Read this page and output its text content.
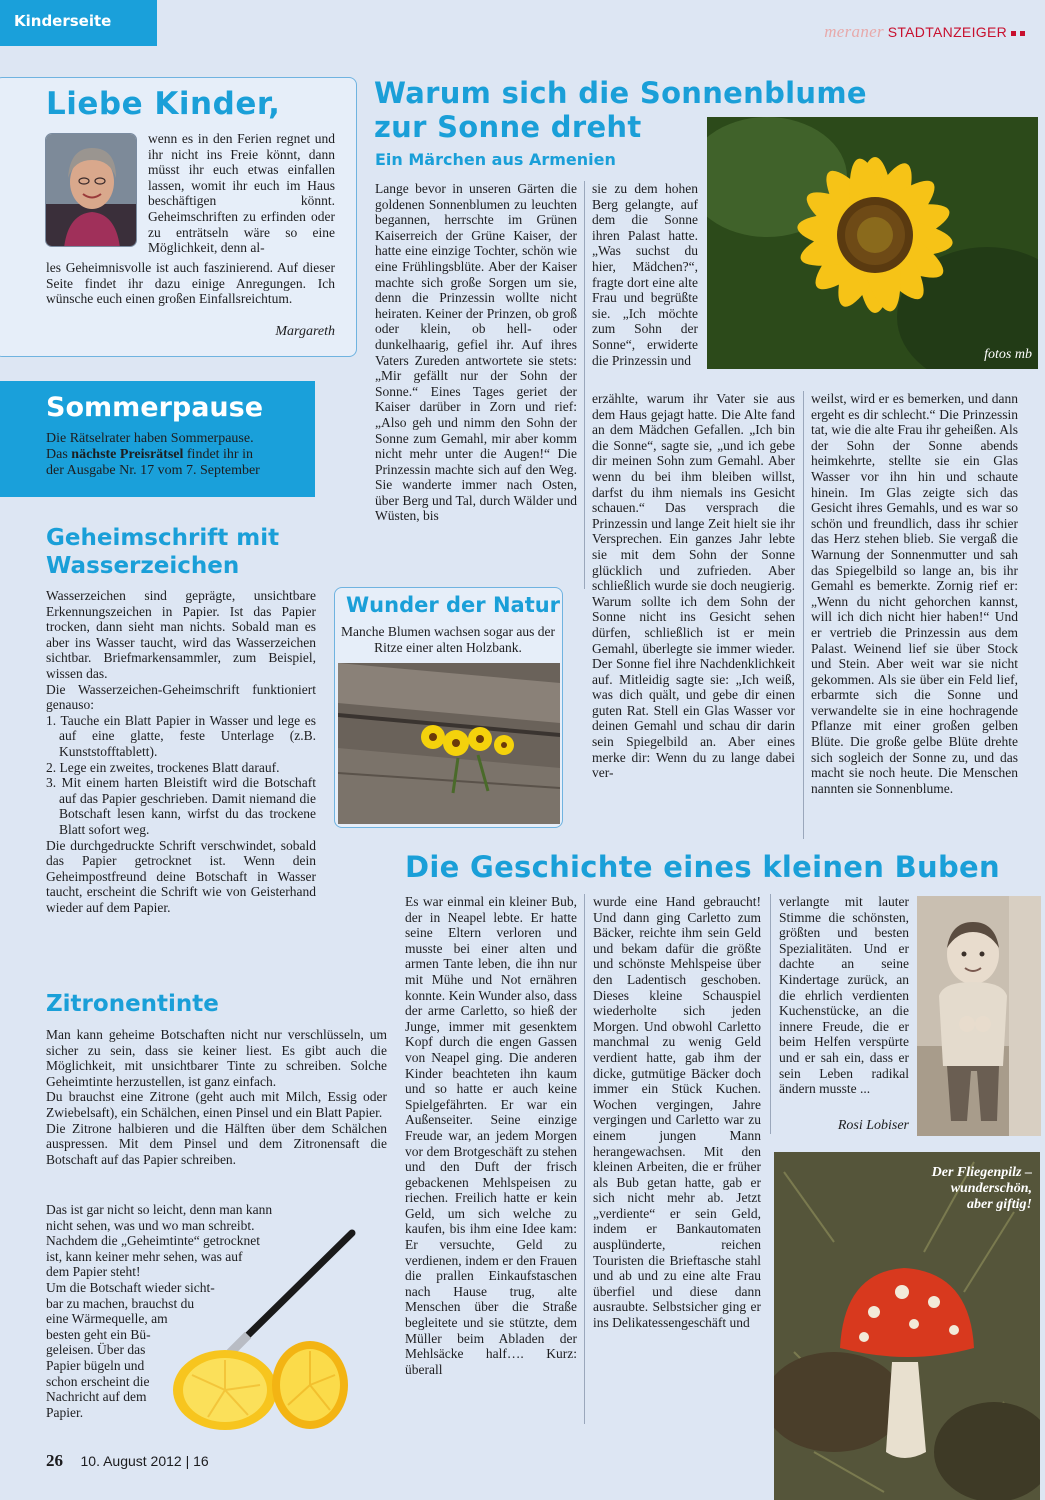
Kinderseite
meraner STADTANZEIGER
Liebe Kinder,
wenn es in den Ferien regnet und ihr nicht ins Freie könnt, dann müsst ihr euch etwas einfallen lassen, womit ihr euch im Haus beschäftigen könnt. Geheimschriften zu erfinden oder zu enträtseln wäre so eine Möglichkeit, denn al-
les Geheimnisvolle ist auch faszinierend. Auf dieser Seite findet ihr dazu einige Anregungen. Ich wünsche euch einen großen Einfallsreichtum.
Margareth
Sommerpause
Die Rätselrater haben Sommerpause.
Das nächste Preisrätsel findet ihr in
der Ausgabe Nr. 17 vom 7. September
Geheimschrift mit Wasserzeichen

Wasserzeichen sind geprägte, unsichtbare Erkennungszeichen in Papier. Ist das Papier trocken, dann sieht man nichts. Sobald man es aber ins Wasser taucht, wird das Wasserzeichen sichtbar. Briefmarkensammler, zum Beispiel, wissen das.

Die Wasserzeichen-Geheimschrift funktioniert genauso:

1. Tauche ein Blatt Papier in Wasser und lege es auf eine glatte, feste Unterlage (z.B. Kunststofftablett).

2. Lege ein zweites, trockenes Blatt darauf.

3. Mit einem harten Bleistift wird die Botschaft auf das Papier geschrieben. Damit niemand die Botschaft lesen kann, wirfst du das trockene Blatt sofort weg.

Die durchgedruckte Schrift verschwindet, sobald das Papier getrocknet ist. Wenn dein Geheimpostfreund deine Botschaft in Wasser taucht, erscheint die Schrift wie von Geisterhand wieder auf dem Papier.

Zitronentinte

Man kann geheime Botschaften nicht nur verschlüsseln, um sicher zu sein, dass sie keiner liest. Es gibt auch die Möglichkeit, mit unsichtbarer Tinte zu schreiben. Solche Geheimtinte herzustellen, ist ganz einfach.

Du brauchst eine Zitrone (geht auch mit Milch, Essig oder Zwiebelsaft), ein Schälchen, einen Pinsel und ein Blatt Papier.

Die Zitrone halbieren und die Hälften über dem Schälchen auspressen. Mit dem Pinsel und dem Zitronensaft die Botschaft auf das Papier schreiben.

Das ist gar nicht so leicht, denn man kann
nicht sehen, was und wo man schreibt.
Nachdem die „Geheimtinte“ getrocknet
ist, kann keiner mehr sehen, was auf
dem Papier steht!
Um die Botschaft wieder sicht-
bar zu machen, brauchst du
eine Wärmequelle, am
besten geht ein Bü-
geleisen. Über das
Papier bügeln und
schon erscheint die
Nachricht auf dem
Papier.
Warum sich die Sonnenblume
zur Sonne dreht
Ein Märchen aus Armenien
fotos mb
Lange bevor in unseren Gärten die goldenen Sonnenblumen zu leuchten begannen, herrschte im Grünen Kaiserreich der Grüne Kaiser, der hatte eine einzige Tochter, schön wie eine Frühlingsblüte. Aber der Kaiser machte sich große Sorgen um sie, denn die Prinzessin wollte nicht heiraten. Keiner der Prinzen, ob groß oder klein, ob hell- oder dunkelhaarig, gefiel ihr. Auf ihres Vaters Zureden antwortete sie stets: „Mir gefällt nur der Sohn der Sonne.“ Eines Tages geriet der Kaiser darüber in Zorn und rief: „Also geh und nimm den Sohn der Sonne zum Gemahl, mir aber komm nicht mehr unter die Augen!“ Die Prinzessin machte sich auf den Weg. Sie wanderte immer nach Osten, über Berg und Tal, durch Wälder und Wüsten, bis
sie zu dem hohen Berg gelangte, auf dem die Sonne ihren Palast hatte. „Was suchst du hier, Mädchen?“, fragte dort eine alte Frau und begrüßte sie. „Ich möchte zum Sohn der Sonne“, erwiderte die Prinzessin und
erzählte, warum ihr Vater sie aus dem Haus gejagt hatte. Die Alte fand an dem Mädchen Gefallen. „Ich bin die Sonne“, sagte sie, „und ich gebe dir meinen Sohn zum Gemahl. Aber wenn du bei ihm bleiben willst, darfst du ihm niemals ins Gesicht schauen.“ Das versprach die Prinzessin und lange Zeit hielt sie ihr Versprechen. Ein ganzes Jahr lebte sie mit dem Sohn der Sonne glücklich und zufrieden. Aber schließlich wurde sie doch neugierig. Warum sollte ich dem Sohn der Sonne nicht ins Gesicht sehen dürfen, schließlich ist er mein Gemahl, überlegte sie immer wieder. Der Sonne fiel ihre Nachdenklichkeit auf. Mitleidig sagte sie: „Ich weiß, was dich quält, und gebe dir einen guten Rat. Stell ein Glas Wasser vor deinen Gemahl und schau dir darin sein Spiegelbild an. Aber eines merke dir: Wenn du zu lange dabei ver-
weilst, wird er es bemerken, und dann ergeht es dir schlecht.“ Die Prinzessin tat, wie die alte Frau ihr geheißen. Als der Sohn der Sonne abends heimkehrte, stellte sie ein Glas Wasser vor ihn hin und schaute hinein. Im Glas zeigte sich das Gesicht ihres Gemahls, und es war so schön und freundlich, dass ihr schier das Herz stehen blieb. Sie vergaß die Warnung der Sonnenmutter und sah das Spiegelbild so lange an, bis ihr Gemahl es bemerkte. Zornig rief er: „Wenn du nicht gehorchen kannst, will ich dich nicht hier haben!“ Und er vertrieb die Prinzessin aus dem Palast. Weinend lief sie über Stock und Stein. Aber weit war sie nicht gekommen. Als sie über ein Feld lief, erbarmte sich die Sonne und verwandelte sie in eine hochragende Pflanze mit einer großen gelben Blüte. Die große gelbe Blüte drehte sich sogleich der Sonne zu, und das macht sie noch heute. Die Menschen nannten sie Sonnenblume.
Wunder der Natur
Manche Blumen wachsen sogar aus der Ritze einer alten Holzbank.
Die Geschichte eines kleinen Buben
Es war einmal ein kleiner Bub, der in Neapel lebte. Er hatte seine Eltern verloren und musste bei einer alten und armen Tante leben, die ihn nur mit Mühe und Not ernähren konnte. Kein Wunder also, dass der arme Carletto, so hieß der Junge, immer mit gesenktem Kopf durch die engen Gassen von Neapel ging. Die anderen Kinder beachteten ihn kaum und so hatte er auch keine Spielgefährten. Er war ein Außenseiter. Seine einzige Freude war, an jedem Morgen vor dem Brotgeschäft zu stehen und den Duft der frisch gebackenen Mehlspeisen zu riechen. Freilich hatte er kein Geld, um sich welche zu kaufen, bis ihm eine Idee kam: Er versuchte, Geld zu verdienen, indem er den Frauen die prallen Einkaufstaschen nach Hause trug, alte Menschen über die Straße begleitete und sie stützte, dem Müller beim Abladen der Mehlsäcke half…. Kurz: überall
wurde eine Hand gebraucht! Und dann ging Carletto zum Bäcker, reichte ihm sein Geld und bekam dafür die größte und schönste Mehlspeise über den Ladentisch geschoben. Dieses kleine Schauspiel wiederholte sich jeden Morgen. Und obwohl Carletto manchmal zu wenig Geld verdient hatte, gab ihm der dicke, gutmütige Bäcker doch immer ein Stück Kuchen. Wochen vergingen, Jahre vergingen und Carletto war zu einem jungen Mann herangewachsen. Mit den kleinen Arbeiten, die er früher als Bub getan hatte, gab er sich nicht mehr ab. Jetzt „verdiente“ er sein Geld, indem er Bankautomaten ausplünderte, reichen Touristen die Brieftasche stahl und ab und zu eine alte Frau überfiel und diese dann ausraubte. Selbstsicher ging er ins Delikatessengeschäft und
verlangte mit lauter Stimme die schönsten, größten und besten Spezialitäten. Und er dachte an seine Kindertage zurück, an die ehrlich verdienten Kuchenstücke, an die innere Freude, die er beim Helfen verspürte und er sah ein, dass er sein Leben radikal ändern musste ...
Rosi Lobiser
Der Fliegenpilz –
wunderschön,
aber giftig!
26 10. August 2012 | 16
